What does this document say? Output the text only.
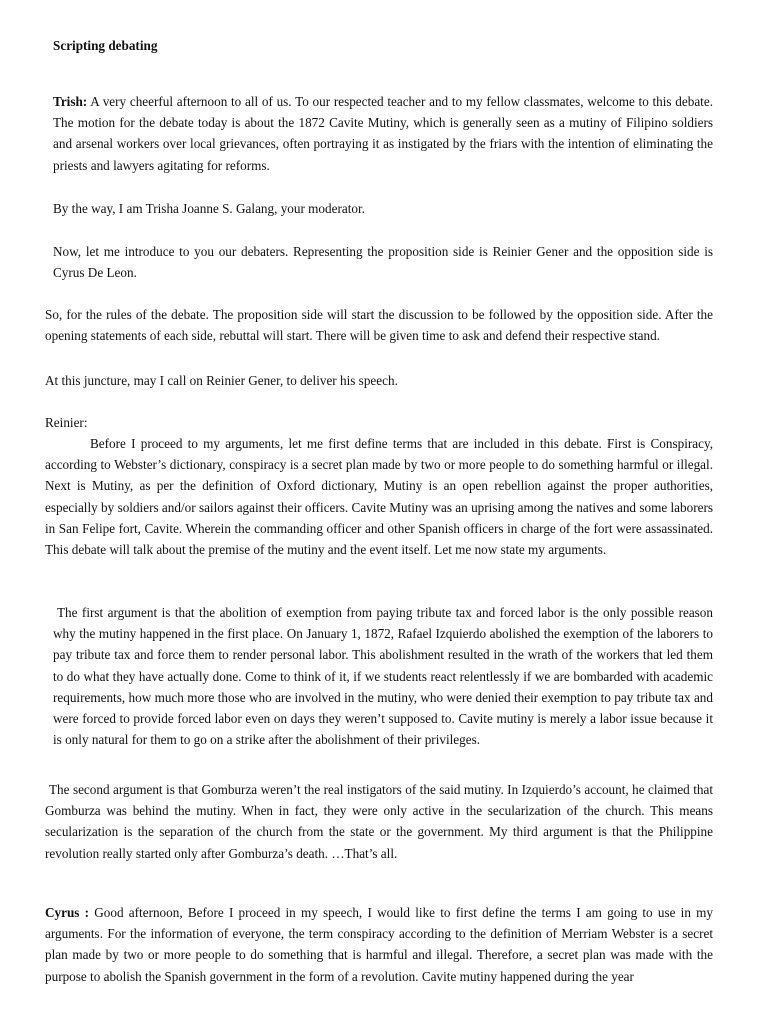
Scripting debating

Trish: A very cheerful afternoon to all of us. To our respected teacher and to my fellow classmates, welcome to this debate. The motion for the debate today is about the 1872 Cavite Mutiny, which is generally seen as a mutiny of Filipino soldiers and arsenal workers over local grievances, often portraying it as instigated by the friars with the intention of eliminating the priests and lawyers agitating for reforms.

By the way, I am Trisha Joanne S. Galang, your moderator.

Now, let me introduce to you our debaters. Representing the proposition side is Reinier Gener and the opposition side is Cyrus De Leon.

So, for the rules of the debate. The proposition side will start the discussion to be followed by the opposition side. After the opening statements of each side, rebuttal will start. There will be given time to ask and defend their respective stand.

At this juncture, may I call on Reinier Gener, to deliver his speech.

Reinier:

Before I proceed to my arguments, let me first define terms that are included in this debate. First is Conspiracy, according to Webster’s dictionary, conspiracy is a secret plan made by two or more people to do something harmful or illegal. Next is Mutiny, as per the definition of Oxford dictionary, Mutiny is an open rebellion against the proper authorities, especially by soldiers and/or sailors against their officers. Cavite Mutiny was an uprising among the natives and some laborers in San Felipe fort, Cavite. Wherein the commanding officer and other Spanish officers in charge of the fort were assassinated. This debate will talk about the premise of the mutiny and the event itself. Let me now state my arguments.

The first argument is that the abolition of exemption from paying tribute tax and forced labor is the only possible reason why the mutiny happened in the first place. On January 1, 1872, Rafael Izquierdo abolished the exemption of the laborers to pay tribute tax and force them to render personal labor. This abolishment resulted in the wrath of the workers that led them to do what they have actually done. Come to think of it, if we students react relentlessly if we are bombarded with academic requirements, how much more those who are involved in the mutiny, who were denied their exemption to pay tribute tax and were forced to provide forced labor even on days they weren’t supposed to. Cavite mutiny is merely a labor issue because it is only natural for them to go on a strike after the abolishment of their privileges.

The second argument is that Gomburza weren’t the real instigators of the said mutiny. In Izquierdo’s account, he claimed that Gomburza was behind the mutiny. When in fact, they were only active in the secularization of the church. This means secularization is the separation of the church from the state or the government. My third argument is that the Philippine revolution really started only after Gomburza’s death. …That’s all.

Cyrus : Good afternoon, Before I proceed in my speech, I would like to first define the terms I am going to use in my arguments. For the information of everyone, the term conspiracy according to the definition of Merriam Webster is a secret plan made by two or more people to do something that is harmful and illegal. Therefore, a secret plan was made with the purpose to abolish the Spanish government in the form of a revolution. Cavite mutiny happened during the year
